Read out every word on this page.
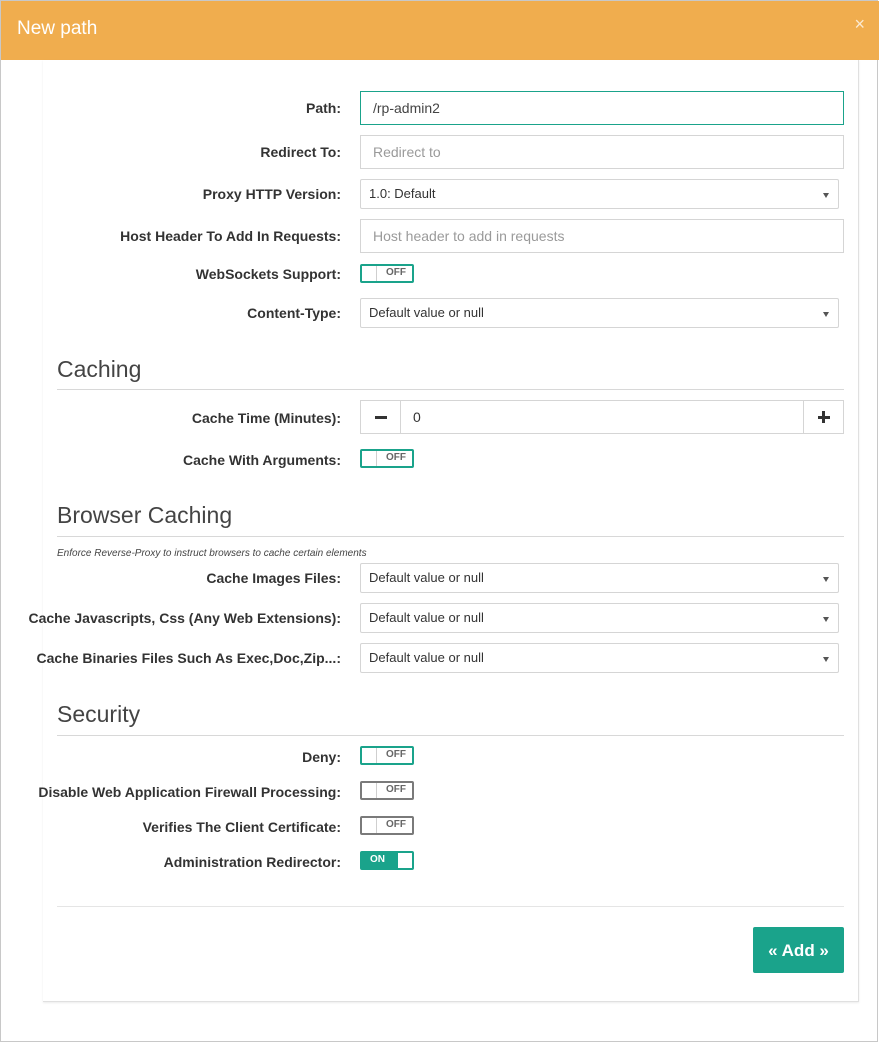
New path	×
Path:
/rp-admin2
Redirect To:
Redirect to
Proxy HTTP Version: 1.0: Default
Host Header To Add In Requests:
Host header to add in requests
WebSockets Support:	OFF
Content-Type: Default value or null
Caching
Cache Time (Minutes):	0
Cache With Arguments:	OFF
Browser Caching
Enforce Reverse-Proxy to instruct browsers to cache certain elements
Cache Images Files: Default value or null
Cache Javascripts, Css (Any Web Extensions): Default value or null
Cache Binaries Files Such As Exec,Doc,Zip...: Default value or null
Security
Deny:	OFF
Disable Web Application Firewall Processing:	OFF
Verifies The Client Certificate:	OFF
Administration Redirector:	ON
« Add »
